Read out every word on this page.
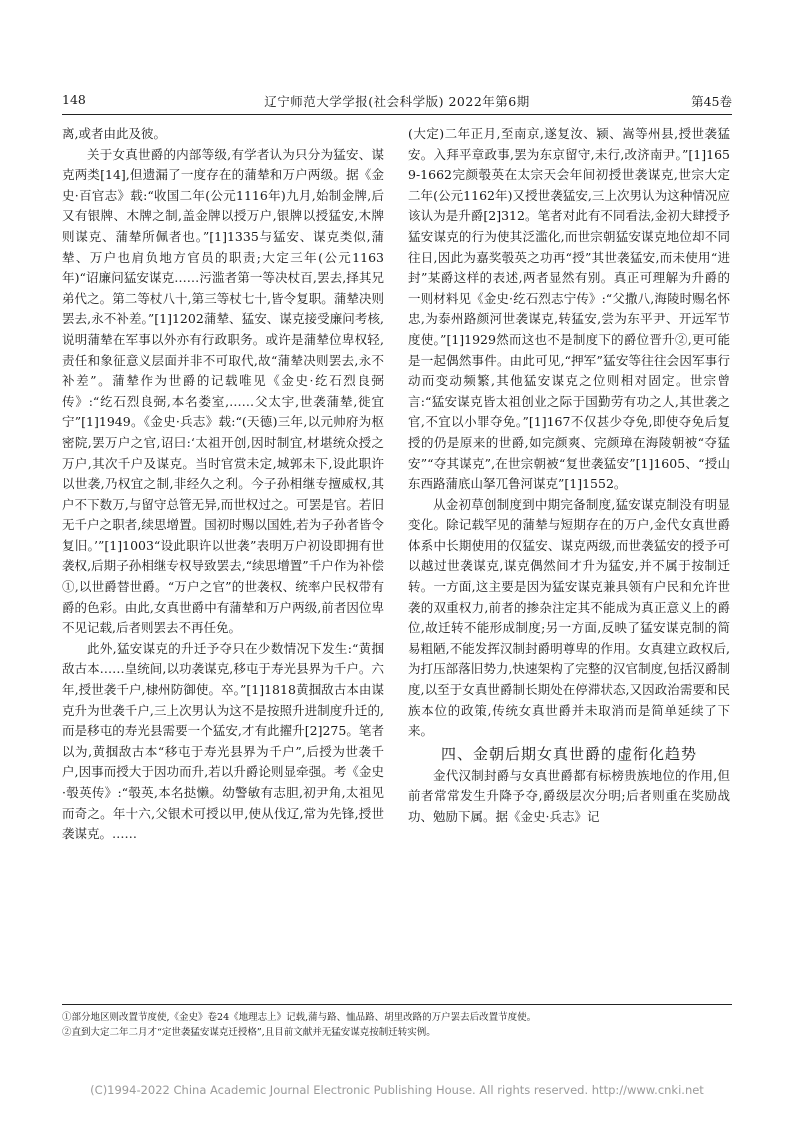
148	辽宁师范大学学报(社会科学版) 2022年第6期	第45卷

离,或者由此及彼。

关于女真世爵的内部等级,有学者认为只分为猛安、谋克两类[14],但遗漏了一度存在的蒲辇和万户两级。据《金史·百官志》载:“收国二年(公元1116年)九月,始制金牌,后又有银牌、木牌之制,盖金牌以授万户,银牌以授猛安,木牌则谋克、蒲辇所佩者也。”[1]1335与猛安、谋克类似,蒲辇、万户也肩负地方官员的职责;大定三年(公元1163年)“诏廉问猛安谋克……污滥者第一等决杖百,罢去,择其兄弟代之。第二等杖八十,第三等杖七十,皆令复职。蒲辇决则罢去,永不补差。”[1]1202蒲辇、猛安、谋克接受廉问考核,说明蒲辇在军事以外亦有行政职务。或许是蒲辇位卑权轻,责任和象征意义层面并非不可取代,故“蒲辇决则罢去,永不补差”。蒲辇作为世爵的记载唯见《金史·纥石烈良弼传》:“纥石烈良弼,本名娄室,……父太宇,世袭蒲辇,徙宜宁”[1]1949。《金史·兵志》载:“(天德)三年,以元帅府为枢密院,罢万户之官,诏曰:‘太祖开创,因时制宜,材堪统众授之万户,其次千户及谋克。当时官赏未定,城郭未下,设此职许以世袭,乃权宜之制,非经久之利。今子孙相继专擅威权,其户不下数万,与留守总管无异,而世权过之。可罢是官。若旧无千户之职者,续思增置。国初时赐以国姓,若为子孙者皆令复旧。’”[1]1003“设此职许以世袭”表明万户初设即拥有世袭权,后期子孙相继专权导致罢去,“续思增置”千户作为补偿①,以世爵替世爵。“万户之官”的世袭权、统率户民权带有爵的色彩。由此,女真世爵中有蒲辇和万户两级,前者因位卑不见记载,后者则罢去不再任免。

此外,猛安谋克的升迁予夺只在少数情况下发生:“黄掴敌古本……皇统间,以功袭谋克,移屯于寿光县界为千户。六年,授世袭千户,棣州防御使。卒。”[1]1818黄掴敌古本由谋克升为世袭千户,三上次男认为这不是按照升进制度升迁的,而是移屯的寿光县需要一个猛安,才有此擢升[2]275。笔者以为,黄掴敌古本“移屯于寿光县界为千户”,后授为世袭千户,因事而授大于因功而升,若以升爵论则显牵强。考《金史·彀英传》:“彀英,本名挞懒。幼警敏有志胆,初尹角,太祖见而奇之。年十六,父银术可授以甲,使从伐辽,常为先锋,授世袭谋克。……

(大定)二年正月,至南京,遂复汝、颍、嵩等州县,授世袭猛安。入拜平章政事,罢为东京留守,未行,改济南尹。”[1]1659-1662完颜彀英在太宗天会年间初授世袭谋克,世宗大定二年(公元1162年)又授世袭猛安,三上次男认为这种情况应该认为是升爵[2]312。笔者对此有不同看法,金初大肆授予猛安谋克的行为使其泛滥化,而世宗朝猛安谋克地位却不同往日,因此为嘉奖彀英之功再“授”其世袭猛安,而未使用“进封”某爵这样的表述,两者显然有别。真正可理解为升爵的一则材料见《金史·纥石烈志宁传》:“父撒八,海陵时赐名怀忠,为泰州路颜河世袭谋克,转猛安,尝为东平尹、开远军节度使。”[1]1929然而这也不是制度下的爵位晋升②,更可能是一起偶然事件。由此可见,“押军”猛安等往往会因军事行动而变动频繁,其他猛安谋克之位则相对固定。世宗曾言:“猛安谋克皆太祖创业之际于国勤劳有功之人,其世袭之官,不宜以小罪夺免。”[1]167不仅甚少夺免,即使夺免后复授的仍是原来的世爵,如完颜爽、完颜璋在海陵朝被“夺猛安”“夺其谋克”,在世宗朝被“复世袭猛安”[1]1605、“授山东西路蒲底山拏兀鲁河谋克”[1]1552。

从金初草创制度到中期完备制度,猛安谋克制没有明显变化。除记载罕见的蒲辇与短期存在的万户,金代女真世爵体系中长期使用的仅猛安、谋克两级,而世袭猛安的授予可以越过世袭谋克,谋克偶然间才升为猛安,并不属于按制迁转。一方面,这主要是因为猛安谋克兼具领有户民和允许世袭的双重权力,前者的掺杂注定其不能成为真正意义上的爵位,故迁转不能形成制度;另一方面,反映了猛安谋克制的简易粗陋,不能发挥汉制封爵明尊卑的作用。女真建立政权后,为打压部落旧势力,快速架构了完整的汉官制度,包括汉爵制度,以至于女真世爵制长期处在停滞状态,又因政治需要和民族本位的政策,传统女真世爵并未取消而是简单延续了下来。

四、金朝后期女真世爵的虚衔化趋势

金代汉制封爵与女真世爵都有标榜贵族地位的作用,但前者常常发生升降予夺,爵级层次分明;后者则重在奖励战功、勉励下属。据《金史·兵志》记

①部分地区则改置节度使,《金史》卷24《地理志上》记载,蒲与路、恤品路、胡里改路的万户罢去后改置节度使。
②直到大定二年二月才“定世袭猛安谋克迁授格”,且目前文献并无猛安谋克按制迁转实例。
(C)1994-2022 China Academic Journal Electronic Publishing House. All rights reserved. http://www.cnki.net
